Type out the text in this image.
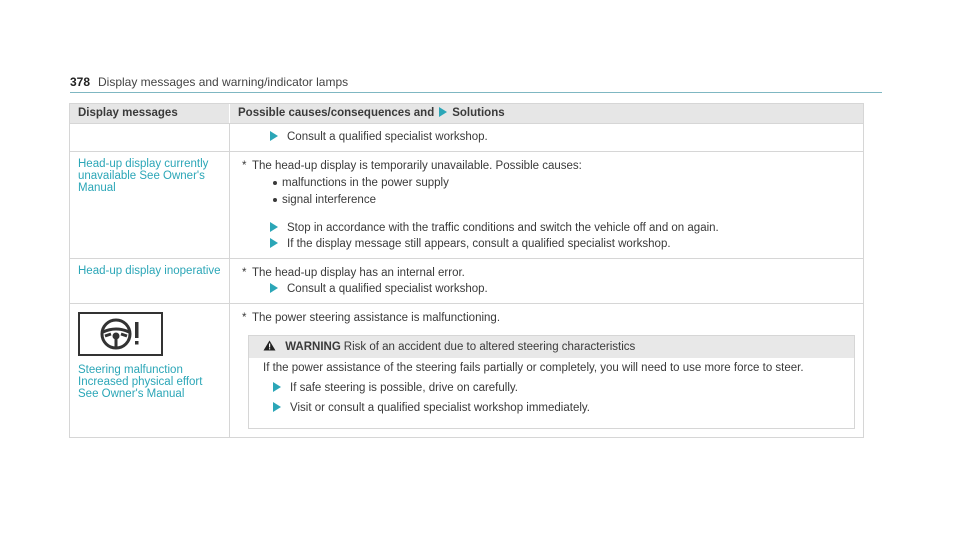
378 Display messages and warning/indicator lamps
Display messages	Possible causes/consequences and Solutions
Consult a qualified specialist workshop.
Head-up display currently unavailable See Owner's Manual
* The head-up display is temporarily unavailable. Possible causes:
malfunctions in the power supply
signal interference
Stop in accordance with the traffic conditions and switch the vehicle off and on again.
If the display message still appears, consult a qualified specialist workshop.
Head-up display inoperative	* The head-up display has an internal error.
Consult a qualified specialist workshop.
Steering malfunction Increased physical effort See Owner's Manual
* The power steering assistance is malfunctioning.
WARNING Risk of an accident due to altered steering characteristics
If the power assistance of the steering fails partially or completely, you will need to use more force to steer.
If safe steering is possible, drive on carefully.
Visit or consult a qualified specialist workshop immediately.
